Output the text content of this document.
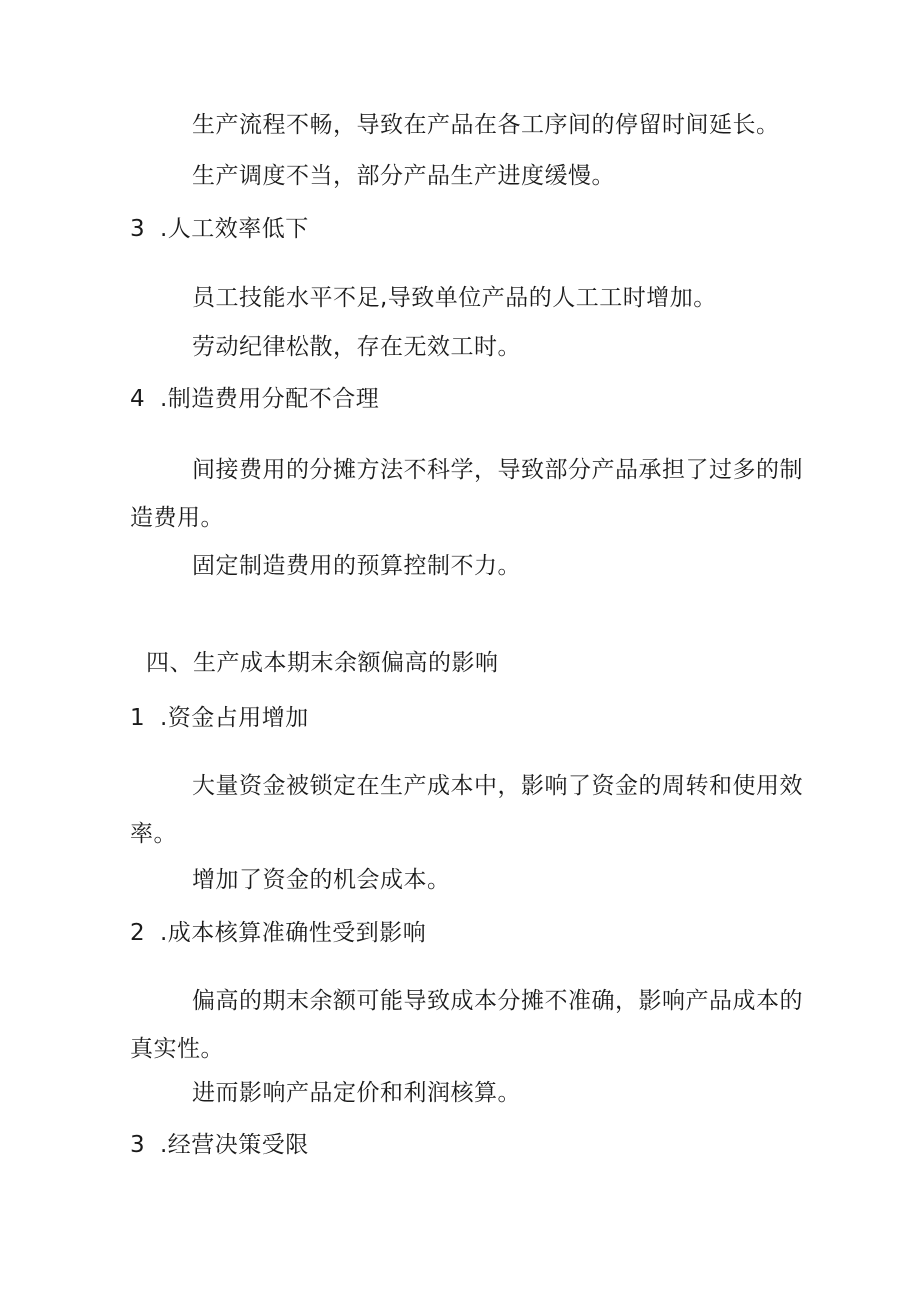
生产流程不畅，导致在产品在各工序间的停留时间延长。
生产调度不当，部分产品生产进度缓慢。
3 .人工效率低下
员工技能水平不足,导致单位产品的人工工时增加。
劳动纪律松散，存在无效工时。
4 .制造费用分配不合理
间接费用的分摊方法不科学，导致部分产品承担了过多的制
造费用。
固定制造费用的预算控制不力。
四、生产成本期末余额偏高的影响
1 .资金占用增加
大量资金被锁定在生产成本中，影响了资金的周转和使用效
率。
增加了资金的机会成本。
2 .成本核算准确性受到影响
偏高的期末余额可能导致成本分摊不准确，影响产品成本的
真实性。
进而影响产品定价和利润核算。
3 .经营决策受限
